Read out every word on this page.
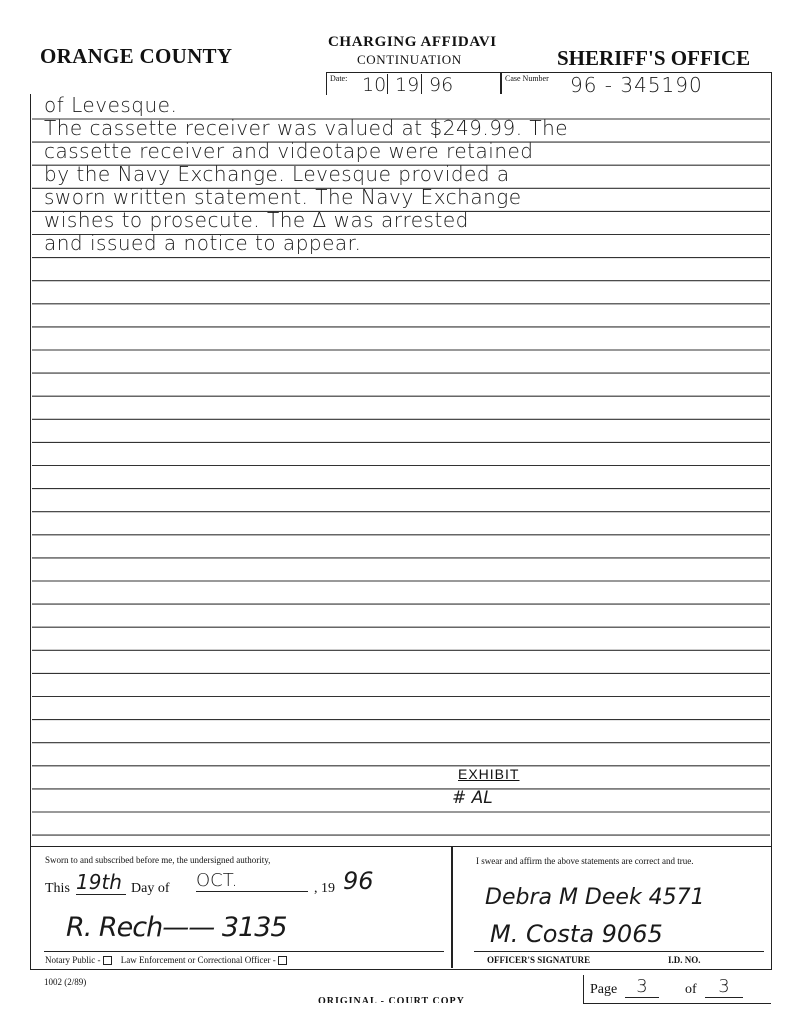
ORANGE COUNTY
CHARGING AFFIDAVI
CONTINUATION	SHERIFF'S OFFICE
Date: 10 19 96	Case Number 96 - 345190
of Levesque.
The cassette receiver was valued at $249.99. The
cassette receiver and videotape were retained
by the Navy Exchange. Levesque provided a
sworn written statement. The Navy Exchange
wishes to prosecute. The Δ was arrested
and issued a notice to appear.
EXHIBIT
# AL
Sworn to and subscribed before me, the undersigned authority,
This 19th Day of OCT.	, 19 96
R. Rech—— 3135
Notary Public - Law Enforcement or Correctional Officer -
I swear and affirm the above statements are correct and true.
Debra M Deek 4571
M. Costa 9065
OFFICER'S SIGNATURE	I.D. NO.
1002 (2/89)
ORIGINAL - COURT COPY
Page	3	of	3
